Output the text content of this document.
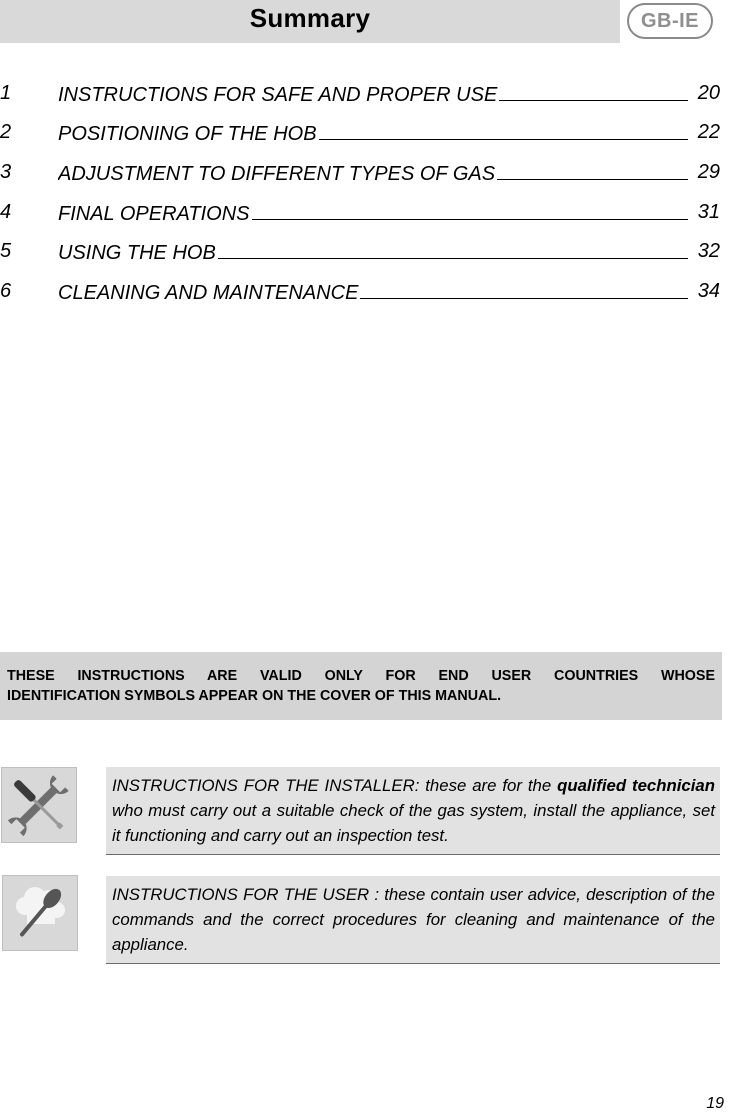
Summary	GB-IE
1 INSTRUCTIONS FOR SAFE AND PROPER USE	20
2 POSITIONING OF THE HOB	22
3 ADJUSTMENT TO DIFFERENT TYPES OF GAS	29
4 FINAL OPERATIONS	31
5 USING THE HOB	32
6 CLEANING AND MAINTENANCE	34
THESE INSTRUCTIONS ARE VALID ONLY FOR END USER COUNTRIES WHOSE
IDENTIFICATION SYMBOLS APPEAR ON THE COVER OF THIS MANUAL.
INSTRUCTIONS FOR THE INSTALLER: these are for the qualified technician who must carry out a suitable check of the gas system, install the appliance, set it functioning and carry out an inspection test.
INSTRUCTIONS FOR THE USER : these contain user advice, description of the commands and the correct procedures for cleaning and maintenance of the appliance.
19
